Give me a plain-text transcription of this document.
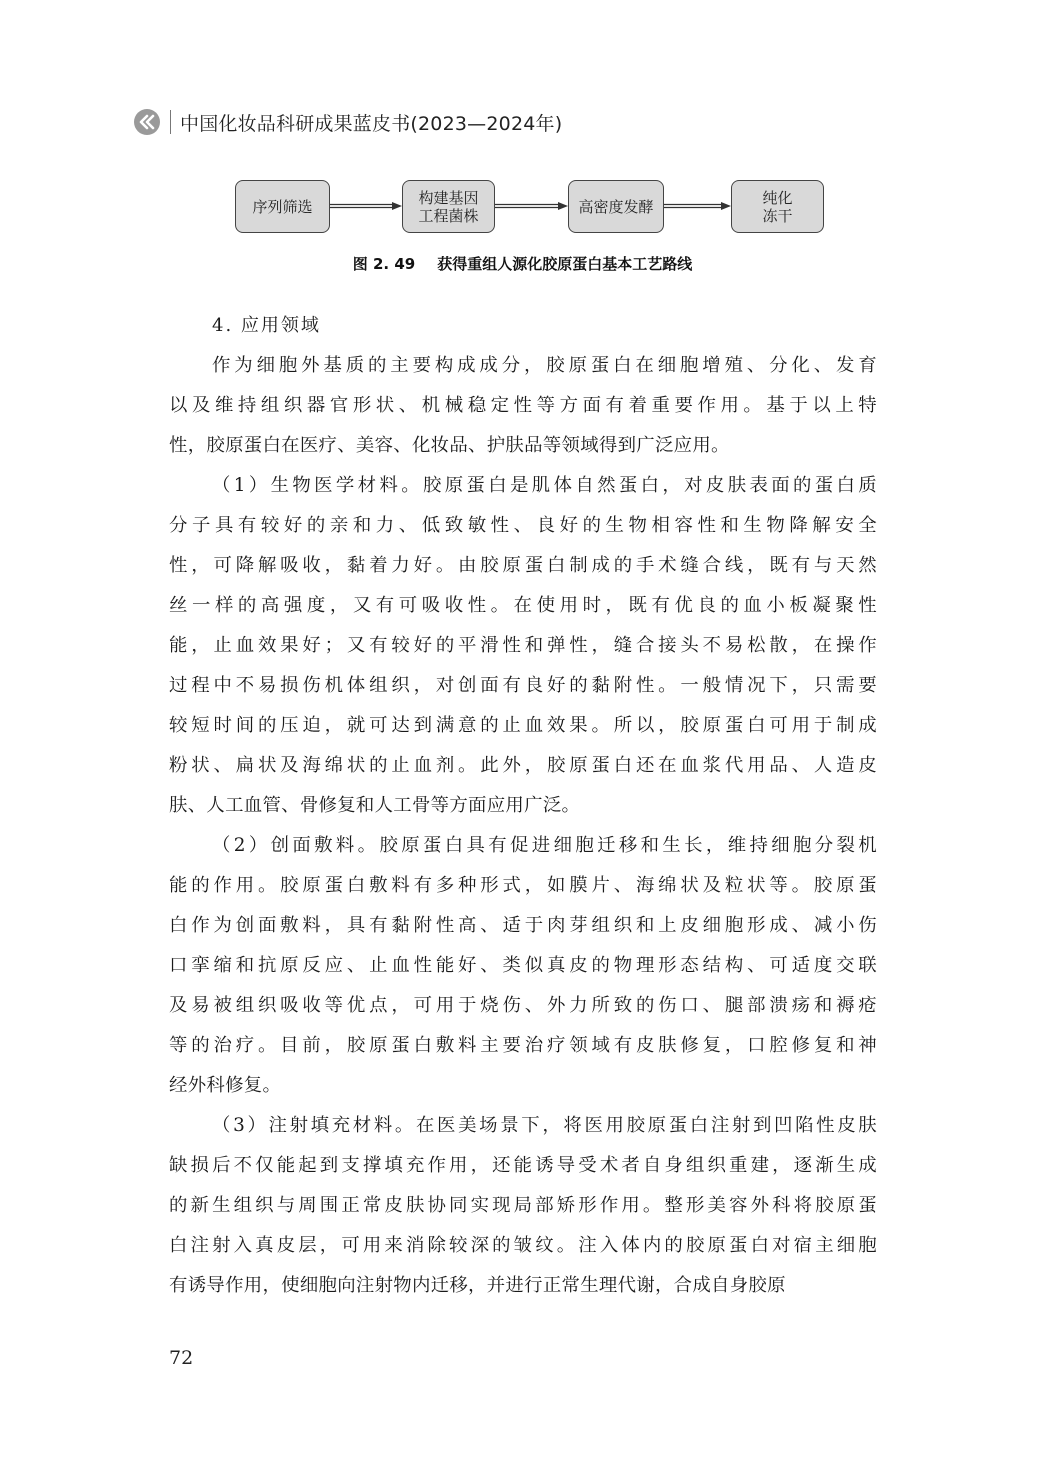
中国化妆品科研成果蓝皮书(2023—2024年)
序列筛选	构建基因
工程菌株	高密度发酵	纯化
冻干
图 2. 49 获得重组人源化胶原蛋白基本工艺路线
4. 应用领域
作为细胞外基质的主要构成成分，胶原蛋白在细胞增殖、分化、发育
以及维持组织器官形状、机械稳定性等方面有着重要作用。基于以上特
性，胶原蛋白在医疗、美容、化妆品、护肤品等领域得到广泛应用。
（1）生物医学材料。胶原蛋白是肌体自然蛋白，对皮肤表面的蛋白质
分子具有较好的亲和力、低致敏性、良好的生物相容性和生物降解安全
性，可降解吸收，黏着力好。由胶原蛋白制成的手术缝合线，既有与天然
丝一样的高强度，又有可吸收性。在使用时，既有优良的血小板凝聚性
能，止血效果好；又有较好的平滑性和弹性，缝合接头不易松散，在操作
过程中不易损伤机体组织，对创面有良好的黏附性。一般情况下，只需要
较短时间的压迫，就可达到满意的止血效果。所以，胶原蛋白可用于制成
粉状、扁状及海绵状的止血剂。此外，胶原蛋白还在血浆代用品、人造皮
肤、人工血管、骨修复和人工骨等方面应用广泛。
（2）创面敷料。胶原蛋白具有促进细胞迁移和生长，维持细胞分裂机
能的作用。胶原蛋白敷料有多种形式，如膜片、海绵状及粒状等。胶原蛋
白作为创面敷料，具有黏附性高、适于肉芽组织和上皮细胞形成、减小伤
口挛缩和抗原反应、止血性能好、类似真皮的物理形态结构、可适度交联
及易被组织吸收等优点，可用于烧伤、外力所致的伤口、腿部溃疡和褥疮
等的治疗。目前，胶原蛋白敷料主要治疗领域有皮肤修复，口腔修复和神
经外科修复。
（3）注射填充材料。在医美场景下，将医用胶原蛋白注射到凹陷性皮肤
缺损后不仅能起到支撑填充作用，还能诱导受术者自身组织重建，逐渐生成
的新生组织与周围正常皮肤协同实现局部矫形作用。整形美容外科将胶原蛋
白注射入真皮层，可用来消除较深的皱纹。注入体内的胶原蛋白对宿主细胞
有诱导作用，使细胞向注射物内迁移，并进行正常生理代谢，合成自身胶原
72
